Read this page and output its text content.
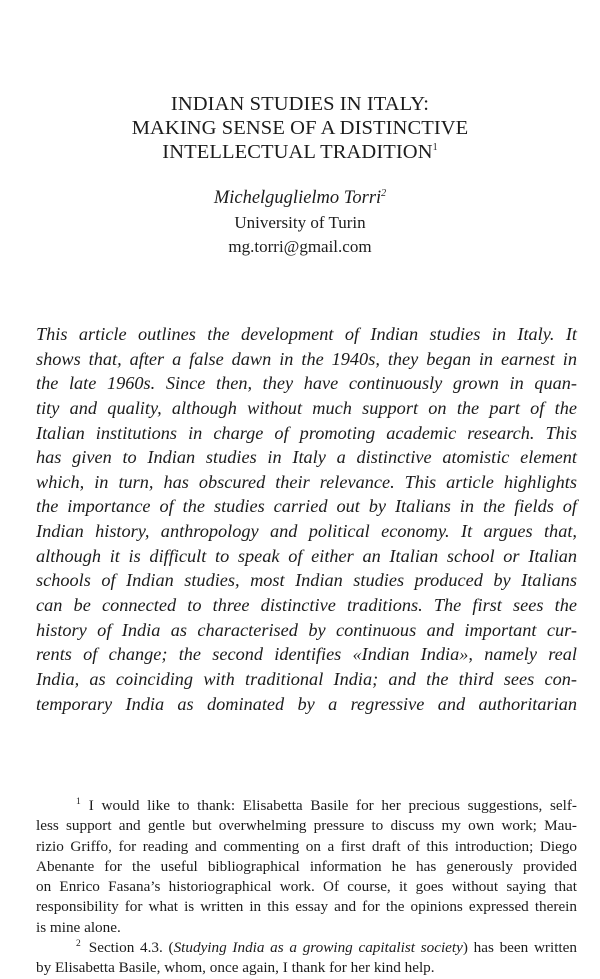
INDIAN STUDIES IN ITALY:
MAKING SENSE OF A DISTINCTIVE
INTELLECTUAL TRADITION$^1$
Michelguglielmo Torri$^2$
University of Turin
mg.torri@gmail.com
This article outlines the development of Indian studies in Italy. It
shows that, after a false dawn in the 1940s, they began in earnest in
the late 1960s. Since then, they have continuously grown in quan-
tity and quality, although without much support on the part of the
Italian institutions in charge of promoting academic research. This
has given to Indian studies in Italy a distinctive atomistic element
which, in turn, has obscured their relevance. This article highlights
the importance of the studies carried out by Italians in the fields of
Indian history, anthropology and political economy. It argues that,
although it is difficult to speak of either an Italian school or Italian
schools of Indian studies, most Indian studies produced by Italians
can be connected to three distinctive traditions. The first sees the
history of India as characterised by continuous and important cur-
rents of change; the second identifies «Indian India», namely real
India, as coinciding with traditional India; and the third sees con-
temporary India as dominated by a regressive and authoritarian
$^1$ I would like to thank: Elisabetta Basile for her precious suggestions, self-
less support and gentle but overwhelming pressure to discuss my own work; Mau-
rizio Griffo, for reading and commenting on a first draft of this introduction; Diego
Abenante for the useful bibliographical information he has generously provided
on Enrico Fasana’s historiographical work. Of course, it goes without saying that
responsibility for what is written in this essay and for the opinions expressed therein
is mine alone.
$^2$ Section 4.3. (Studying India as a growing capitalist society) has been written
by Elisabetta Basile, whom, once again, I thank for her kind help.
